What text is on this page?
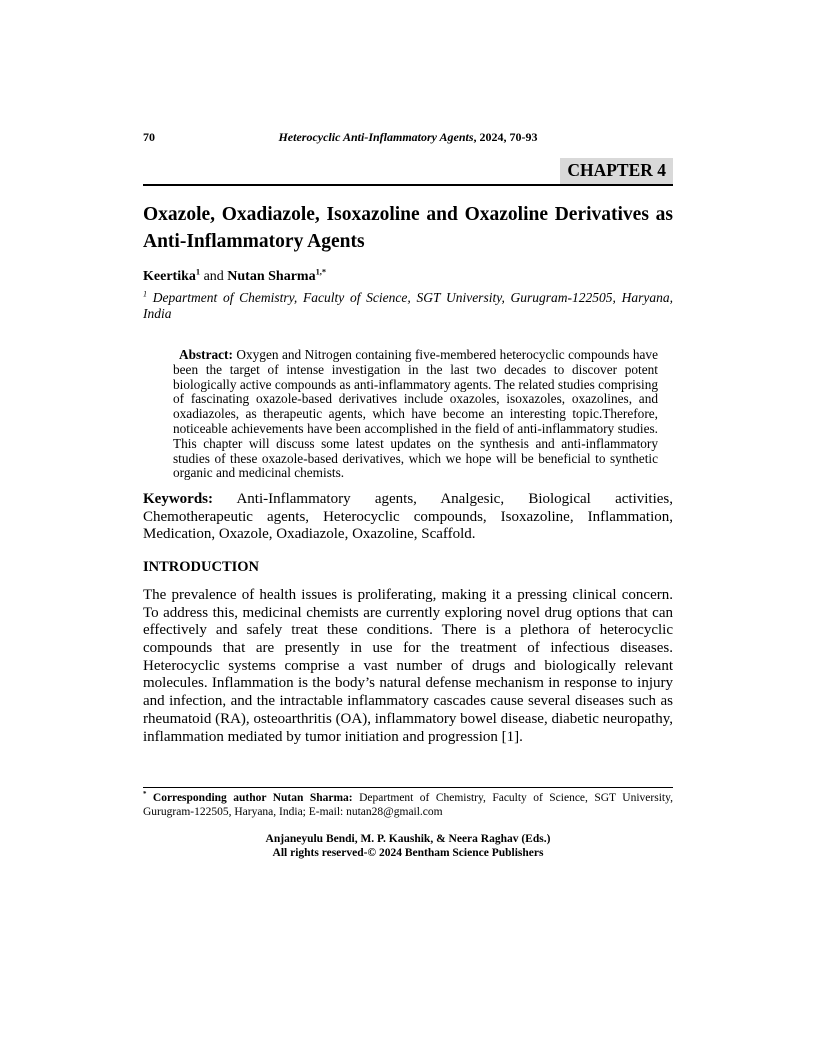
70	Heterocyclic Anti-Inflammatory Agents, 2024, 70-93
CHAPTER 4
Oxazole, Oxadiazole, Isoxazoline and Oxazoline Derivatives as Anti-Inflammatory Agents

Keertika$^1$ and Nutan Sharma$^{1,*}$

$^1$ Department of Chemistry, Faculty of Science, SGT University, Gurugram-122505, Haryana, India

Abstract: Oxygen and Nitrogen containing five-membered heterocyclic compounds have been the target of intense investigation in the last two decades to discover potent biologically active compounds as anti-inflammatory agents. The related studies comprising of fascinating oxazole-based derivatives include oxazoles, isoxazoles, oxazolines, and oxadiazoles, as therapeutic agents, which have become an interesting topic.Therefore, noticeable achievements have been accomplished in the field of anti-inflammatory studies. This chapter will discuss some latest updates on the synthesis and anti-inflammatory studies of these oxazole-based derivatives, which we hope will be beneficial to synthetic organic and medicinal chemists.

Keywords: Anti-Inflammatory agents, Analgesic, Biological activities, Chemotherapeutic agents, Heterocyclic compounds, Isoxazoline, Inflammation, Medication, Oxazole, Oxadiazole, Oxazoline, Scaffold.

INTRODUCTION

The prevalence of health issues is proliferating, making it a pressing clinical concern. To address this, medicinal chemists are currently exploring novel drug options that can effectively and safely treat these conditions. There is a plethora of heterocyclic compounds that are presently in use for the treatment of infectious diseases. Heterocyclic systems comprise a vast number of drugs and biologically relevant molecules. Inflammation is the body’s natural defense mechanism in response to injury and infection, and the intractable inflammatory cascades cause several diseases such as rheumatoid (RA), osteoarthritis (OA), inflammatory bowel disease, diabetic neuropathy, inflammation mediated by tumor initiation and progression [1].

* Corresponding author Nutan Sharma: Department of Chemistry, Faculty of Science, SGT University, Gurugram-122505, Haryana, India; E-mail: nutan28@gmail.com
Anjaneyulu Bendi, M. P. Kaushik, & Neera Raghav (Eds.)
All rights reserved-© 2024 Bentham Science Publishers
